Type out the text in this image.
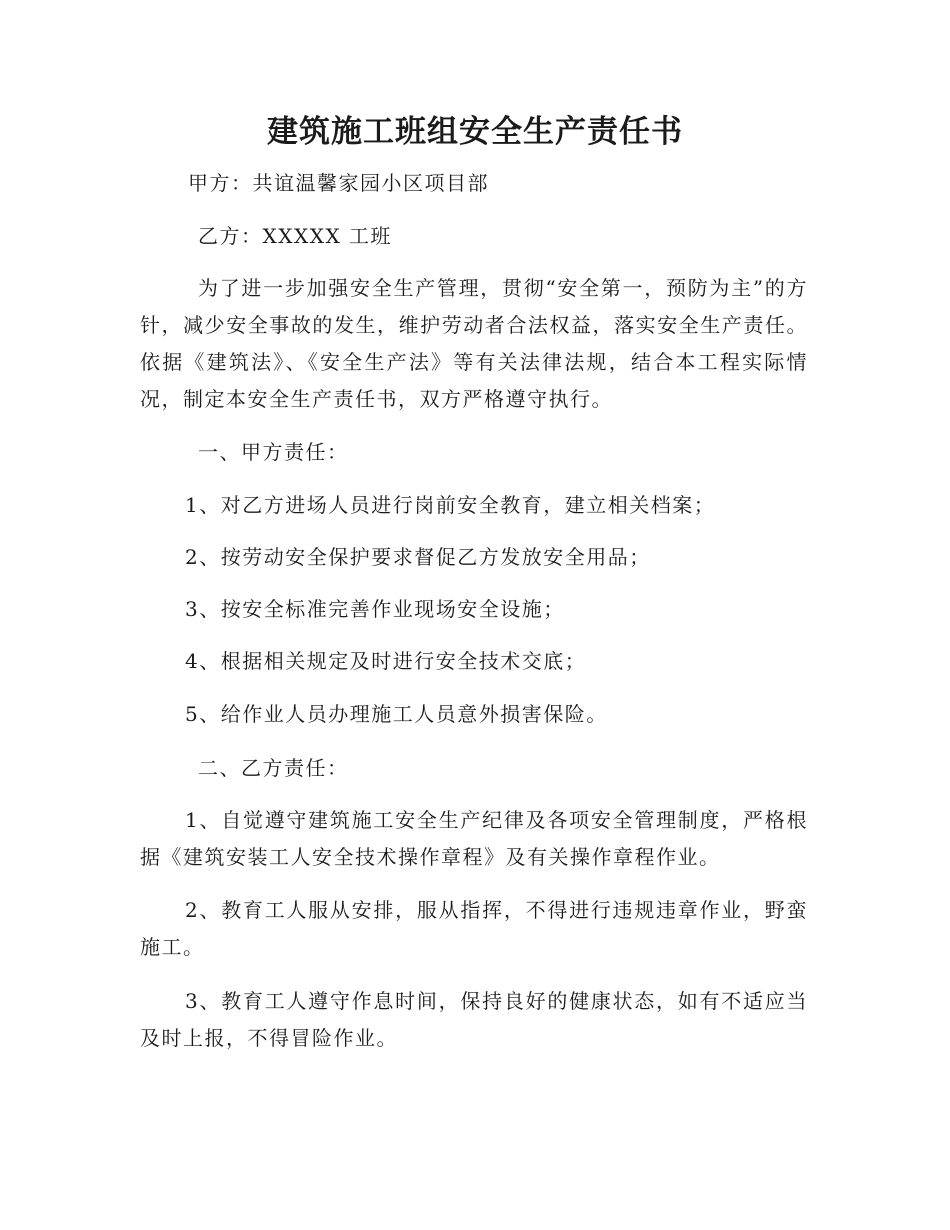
建筑施工班组安全生产责任书
甲方：共谊温馨家园小区项目部
乙方：XXXXX 工班
为了进一步加强安全生产管理，贯彻“安全第一，预防为主”的方针，减少安全事故的发生，维护劳动者合法权益，落实安全生产责任。依据《建筑法》、《安全生产法》等有关法律法规，结合本工程实际情况，制定本安全生产责任书，双方严格遵守执行。
一、甲方责任：
1、对乙方进场人员进行岗前安全教育，建立相关档案；
2、按劳动安全保护要求督促乙方发放安全用品；
3、按安全标准完善作业现场安全设施；
4、根据相关规定及时进行安全技术交底；
5、给作业人员办理施工人员意外损害保险。
二、乙方责任：
1、自觉遵守建筑施工安全生产纪律及各项安全管理制度，严格根据《建筑安装工人安全技术操作章程》及有关操作章程作业。
2、教育工人服从安排，服从指挥，不得进行违规违章作业，野蛮施工。
3、教育工人遵守作息时间，保持良好的健康状态，如有不适应当及时上报，不得冒险作业。
